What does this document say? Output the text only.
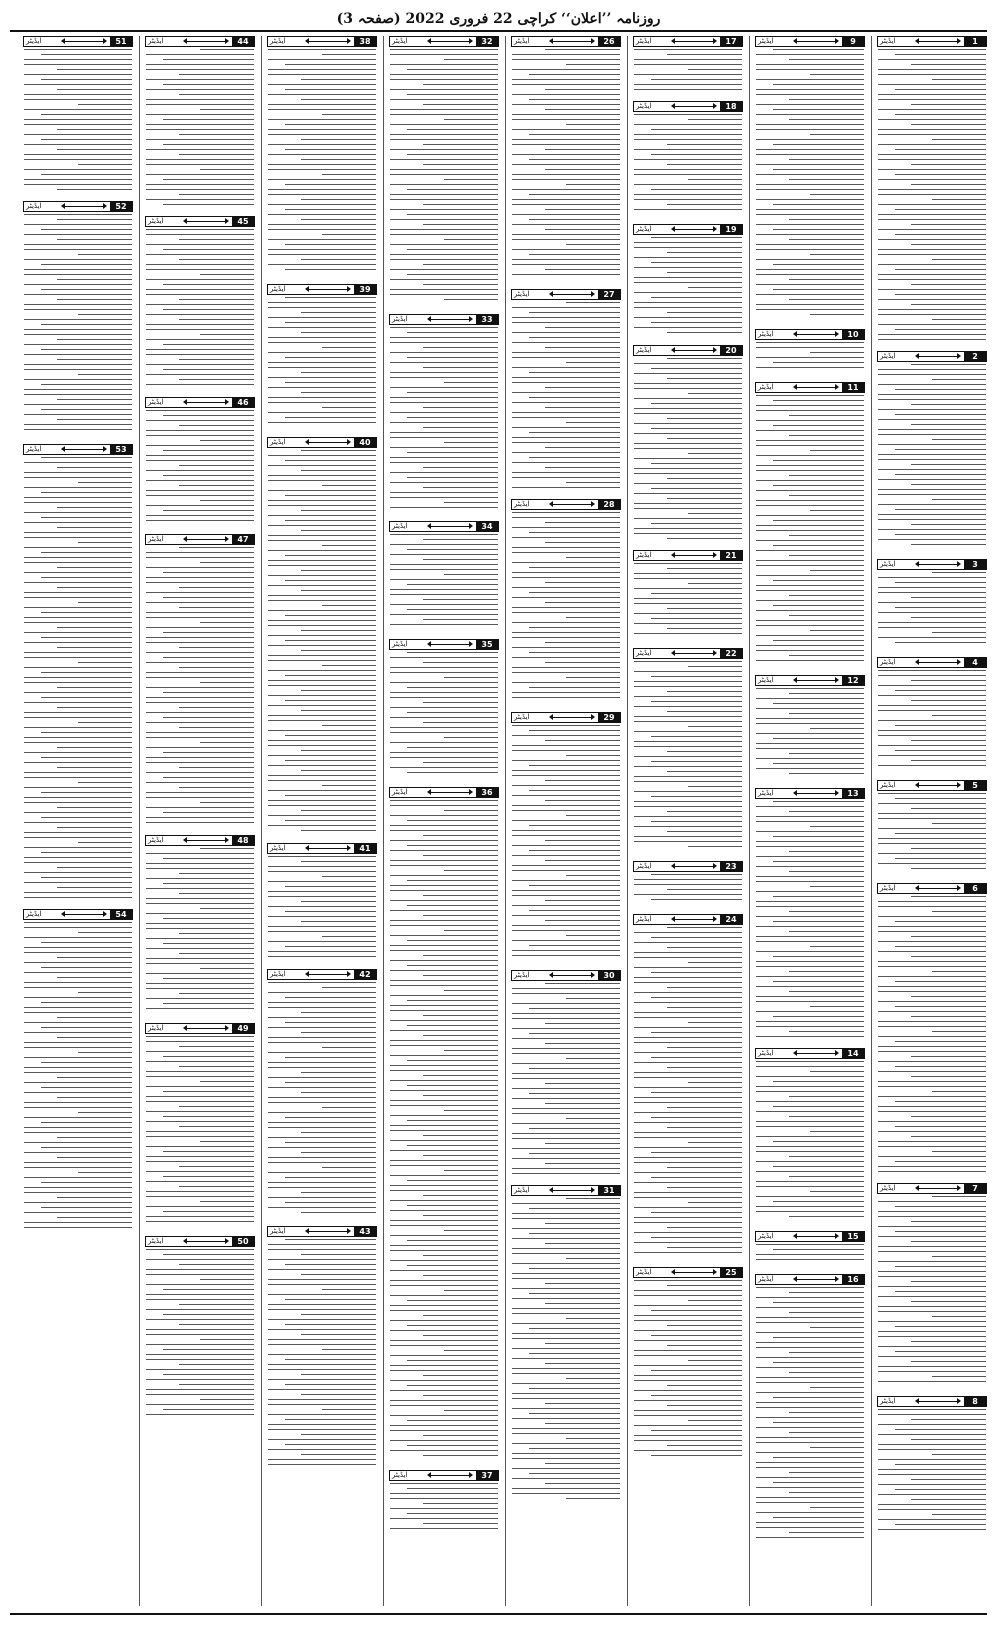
روزنامہ ’’اعلان‘‘ کراچی 22 فروری 2022 (صفحہ 3)
ایڈیٹر	1
ایڈیٹر	2
ایڈیٹر	3
ایڈیٹر	4
ایڈیٹر	5
ایڈیٹر	6
ایڈیٹر	7
ایڈیٹر	8
ایڈیٹر	9
ایڈیٹر	10
ایڈیٹر	11
ایڈیٹر	12
ایڈیٹر	13
ایڈیٹر	14
ایڈیٹر	15
ایڈیٹر	16
ایڈیٹر	17
ایڈیٹر	18
ایڈیٹر	19
ایڈیٹر	20
ایڈیٹر	21
ایڈیٹر	22
ایڈیٹر	23
ایڈیٹر	24
ایڈیٹر	25
ایڈیٹر	26
ایڈیٹر	27
ایڈیٹر	28
ایڈیٹر	29
ایڈیٹر	30
ایڈیٹر	31
ایڈیٹر	32
ایڈیٹر	33
ایڈیٹر	34
ایڈیٹر	35
ایڈیٹر	36
ایڈیٹر	37
ایڈیٹر	38
ایڈیٹر	39
ایڈیٹر	40
ایڈیٹر	41
ایڈیٹر	42
ایڈیٹر	43
ایڈیٹر	44
ایڈیٹر	45
ایڈیٹر	46
ایڈیٹر	47
ایڈیٹر	48
ایڈیٹر	49
ایڈیٹر	50
ایڈیٹر	51
ایڈیٹر	52
ایڈیٹر	53
ایڈیٹر	54
